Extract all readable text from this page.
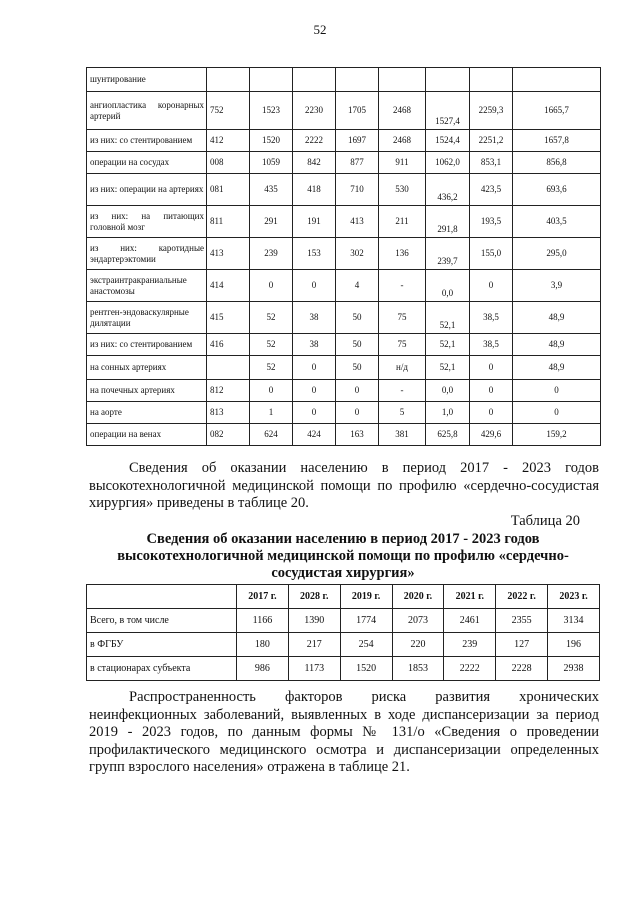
52
шунтирование									
ангиопластика коронарных артерий	752	1523	2230	1705	2468	1527,4	2259,3	1665,7	
из них: со стентированием	412	1520	2222	1697	2468	1524,4	2251,2	1657,8	
операции на сосудах	008	1059	842	877	911	1062,0	853,1	856,8	
из них: операции на артериях	081	435	418	710	530	436,2	423,5	693,6	
из них: на питающих головной мозг	811	291	191	413	211	291,8	193,5	403,5	
из них: каротидные эндартерэктомии	413	239	153	302	136	239,7	155,0	295,0	
экстраинтракраниальные анастомозы	414	0	0	4	-	0,0	0	3,9	
рентген-эндоваскулярные дилятации	415	52	38	50	75	52,1	38,5	48,9	
из них: со стентированием	416	52	38	50	75	52,1	38,5	48,9	
на сонных артериях		52	0	50	н/д	52,1	0	48,9	
на почечных артериях	812	0	0	0	-	0,0	0	0	
на аорте	813	1	0	0	5	1,0	0	0	
операции на венах	082	624	424	163	381	625,8	429,6	159,2	
Сведения об оказании населению в период 2017 - 2023 годов высокотехнологичной медицинской помощи по профилю «сердечно-сосудистая хирургия» приведены в таблице 20.
Таблица 20
Сведения об оказании населению в период 2017 - 2023 годов высокотехнологичной медицинской помощи по профилю «сердечно-сосудистая хирургия»
	2017 г.	2028 г.	2019 г.	2020 г.	2021 г.	2022 г.	2023 г.
Всего, в том числе	1166	1390	1774	2073	2461	2355	3134
в ФГБУ	180	217	254	220	239	127	196
в стационарах субъекта	986	1173	1520	1853	2222	2228	2938
Распространенность факторов риска развития хронических неинфекционных заболеваний, выявленных в ходе диспансеризации за период 2019 - 2023 годов, по данным формы № 131/о «Сведения о проведении профилактического медицинского осмотра и диспансеризации определенных групп взрослого населения» отражена в таблице 21.
